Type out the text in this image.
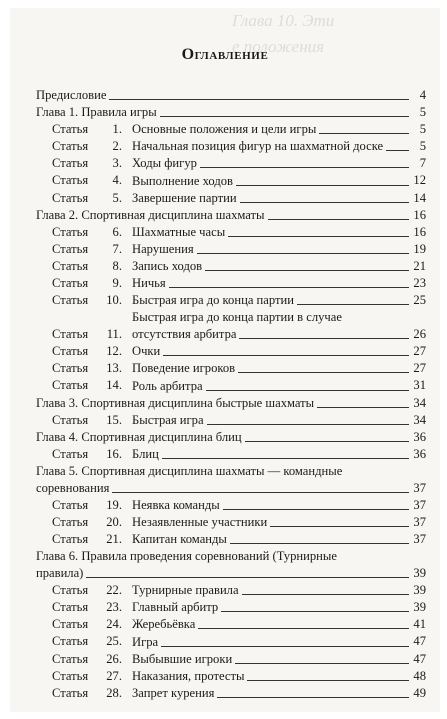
Глава 10. Эти
е положения
Оглавление
Предисловие	4
Глава 1. Правила игры	5
Статья	1. Основные положения и цели игры	5
Статья	2. Начальная позиция фигур на шахматной доске	5
Статья	3. Ходы фигур	7
Статья	4. Выполнение ходов	12
Статья	5. Завершение партии	14
Глава 2. Спортивная дисциплина шахматы	16
Статья	6. Шахматные часы	16
Статья	7. Нарушения	19
Статья	8. Запись ходов	21
Статья	9. Ничья	23
Статья	10. Быстрая игра до конца партии	25
Статья	11.
Быстрая игра до конца партии в случае
отсутствия арбитра	26
Статья	12. Очки	27
Статья	13. Поведение игроков	27
Статья	14. Роль арбитра	31
Глава 3. Спортивная дисциплина быстрые шахматы	34
Статья	15. Быстрая игра	34
Глава 4. Спортивная дисциплина блиц	36
Статья	16. Блиц	36
Глава 5. Спортивная дисциплина шахматы — командные
соревнования	37
Статья	19. Неявка команды	37
Статья	20. Незаявленные участники	37
Статья	21. Капитан команды	37
Глава 6. Правила проведения соревнований (Турнирные
правила)	39
Статья	22. Турнирные правила	39
Статья	23. Главный арбитр	39
Статья	24. Жеребьёвка	41
Статья	25. Игра	47
Статья	26. Выбывшие игроки	47
Статья	27. Наказания, протесты	48
Статья	28. Запрет курения	49
